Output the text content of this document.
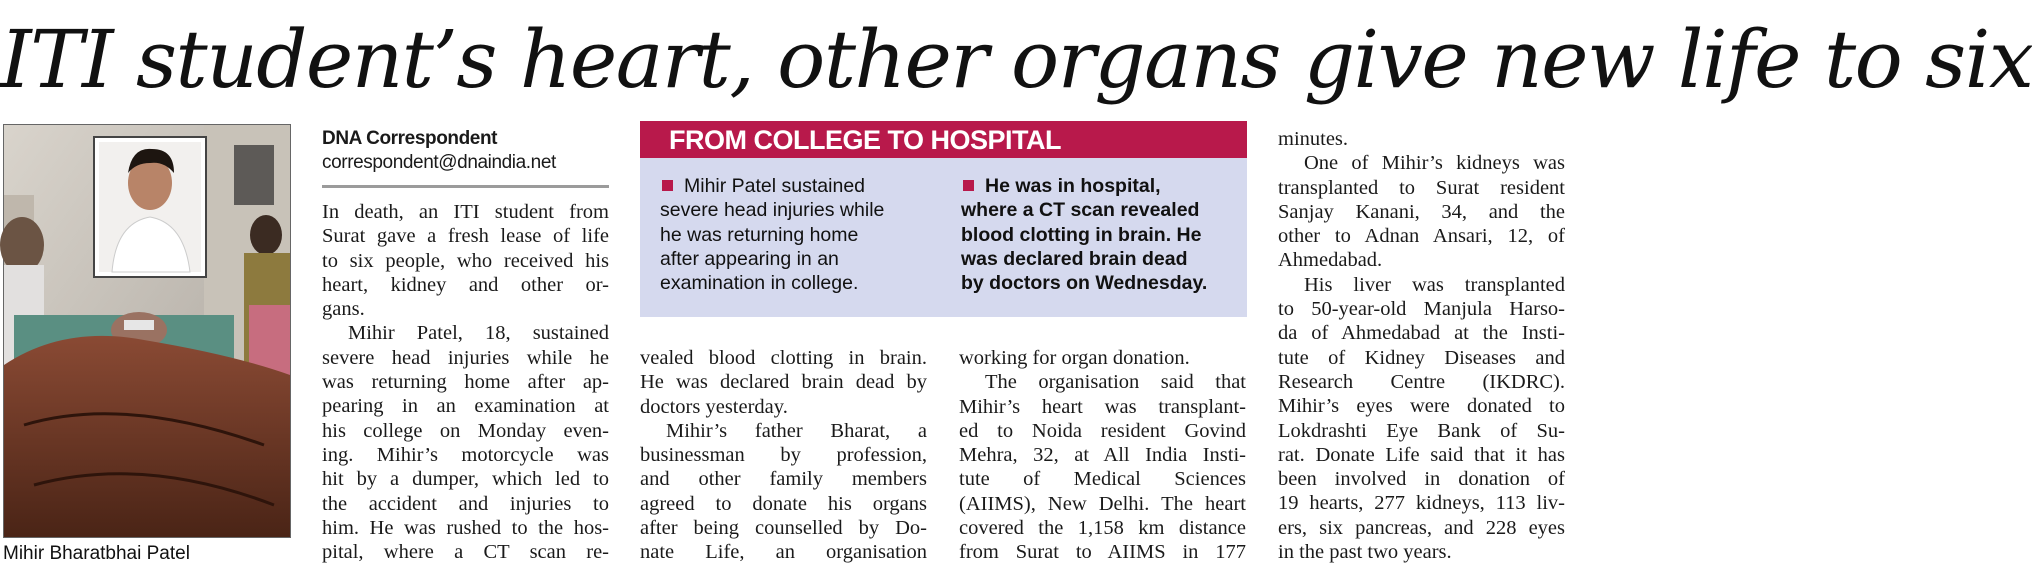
ITI student’s heart, other organs give new life to six
Mihir Bharatbhai Patel
DNA Correspondent
correspondent@dnaindia.net
In death, an ITI student from
Surat gave a fresh lease of life
to six people, who received his
heart, kidney and other or-
gans.
Mihir Patel, 18, sustained
severe head injuries while he
was returning home after ap-
pearing in an examination at
his college on Monday even-
ing. Mihir’s motorcycle was
hit by a dumper, which led to
the accident and injuries to
him. He was rushed to the hos-
pital, where a CT scan re-
FROM COLLEGE TO HOSPITAL
Mihir Patel sustained
severe head injuries while
he was returning home
after appearing in an
examination in college.
He was in hospital,
where a CT scan revealed
blood clotting in brain. He
was declared brain dead
by doctors on Wednesday.
vealed blood clotting in brain.
He was declared brain dead by
doctors yesterday.
Mihir’s father Bharat, a
businessman by profession,
and other family members
agreed to donate his organs
after being counselled by Do-
nate Life, an organisation
working for organ donation.
The organisation said that
Mihir’s heart was transplant-
ed to Noida resident Govind
Mehra, 32, at All India Insti-
tute of Medical Sciences
(AIIMS), New Delhi. The heart
covered the 1,158 km distance
from Surat to AIIMS in 177
minutes.
One of Mihir’s kidneys was
transplanted to Surat resident
Sanjay Kanani, 34, and the
other to Adnan Ansari, 12, of
Ahmedabad.
His liver was transplanted
to 50-year-old Manjula Harso-
da of Ahmedabad at the Insti-
tute of Kidney Diseases and
Research Centre (IKDRC).
Mihir’s eyes were donated to
Lokdrashti Eye Bank of Su-
rat. Donate Life said that it has
been involved in donation of
19 hearts, 277 kidneys, 113 liv-
ers, six pancreas, and 228 eyes
in the past two years.
